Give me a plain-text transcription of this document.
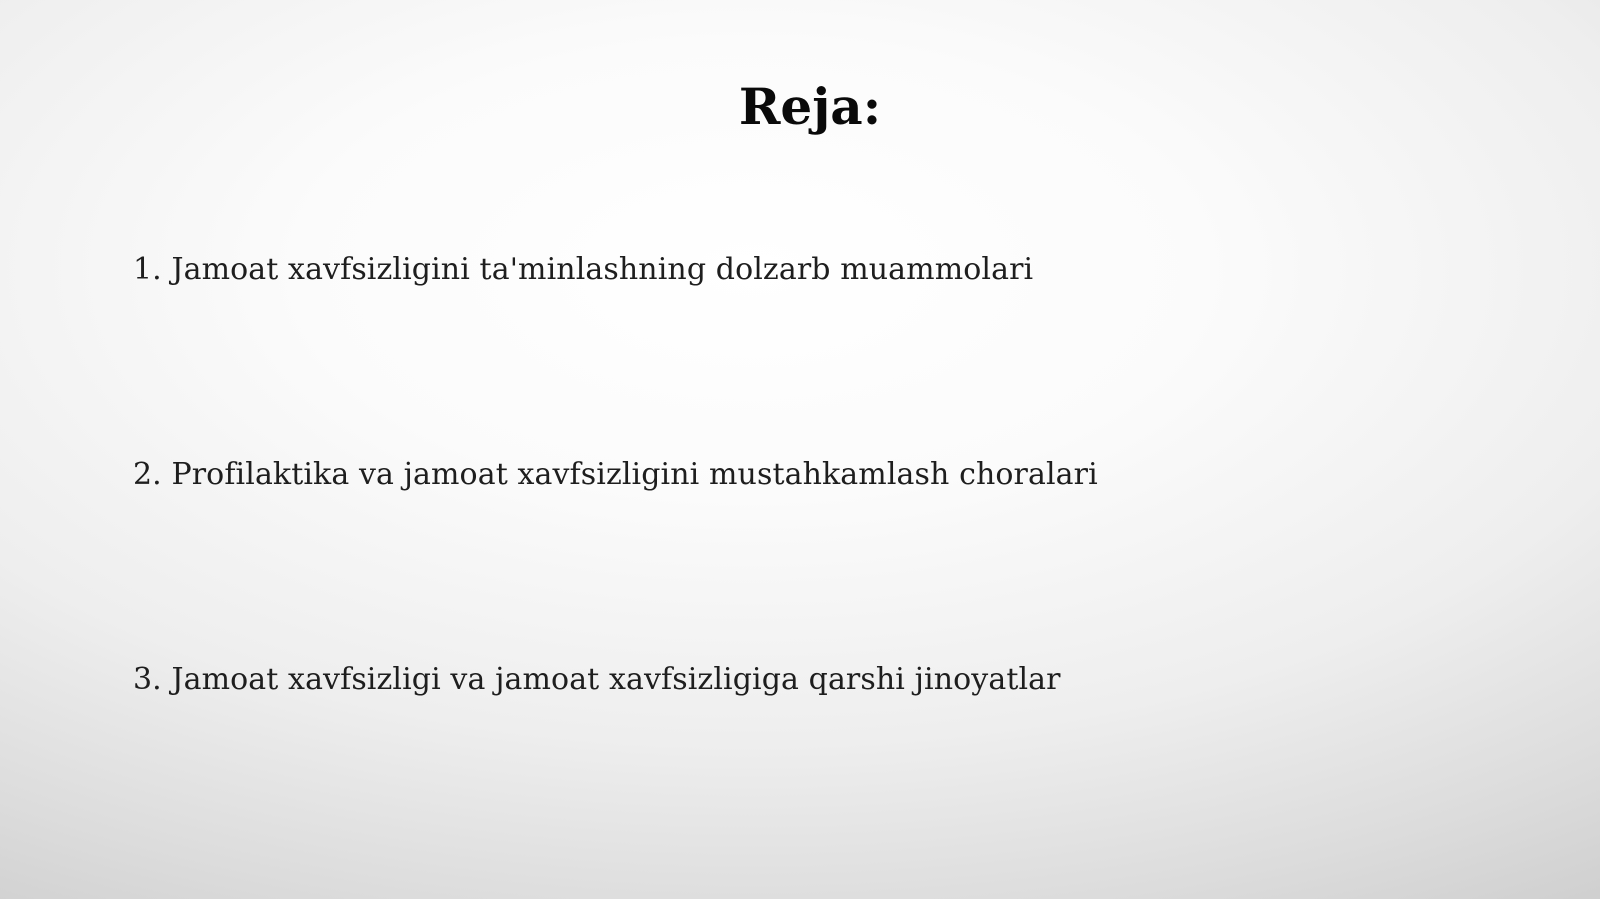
Reja:
1. Jamoat xavfsizligini ta'minlashning dolzarb muammolari
2. Profilaktika va jamoat xavfsizligini mustahkamlash choralari
3. Jamoat xavfsizligi va jamoat xavfsizligiga qarshi jinoyatlar
